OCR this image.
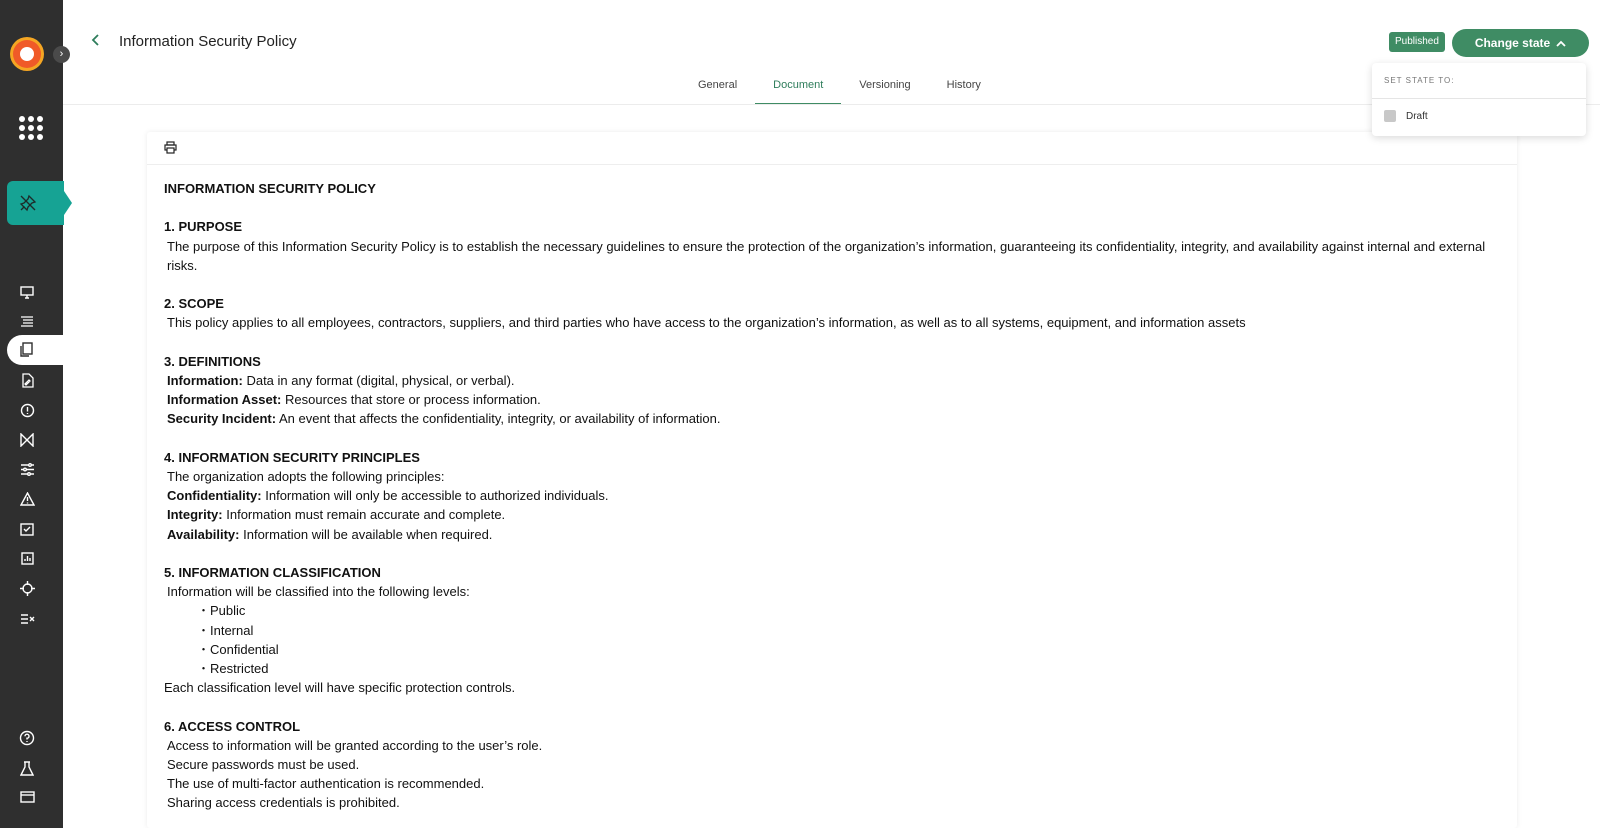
›
Information Security Policy	Published	Change state
General	Document	Versioning	History	SET STATE TO:
Draft
INFORMATION SECURITY POLICY
1. PURPOSE
The purpose of this Information Security Policy is to establish the necessary guidelines to ensure the protection of the organization’s information, guaranteeing its confidentiality, integrity, and availability against internal and external risks.
2. SCOPE
This policy applies to all employees, contractors, suppliers, and third parties who have access to the organization’s information, as well as to all systems, equipment, and information assets
3. DEFINITIONS
Information: Data in any format (digital, physical, or verbal).
Information Asset: Resources that store or process information.
Security Incident: An event that affects the confidentiality, integrity, or availability of information.
4. INFORMATION SECURITY PRINCIPLES
The organization adopts the following principles:
Confidentiality: Information will only be accessible to authorized individuals.
Integrity: Information must remain accurate and complete.
Availability: Information will be available when required.
5. INFORMATION CLASSIFICATION
Information will be classified into the following levels:
・Public
・Internal
・Confidential
・Restricted
Each classification level will have specific protection controls.
6. ACCESS CONTROL
Access to information will be granted according to the user’s role.
Secure passwords must be used.
The use of multi-factor authentication is recommended.
Sharing access credentials is prohibited.
